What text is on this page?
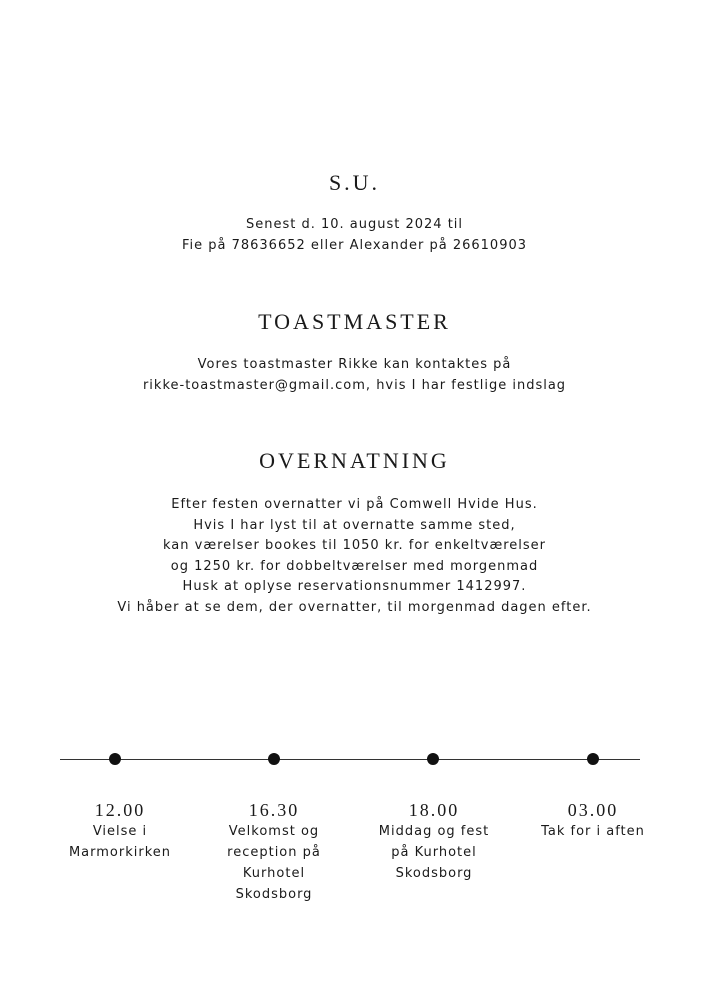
S.U.

Senest d. 10. august 2024 til
Fie på 78636652 eller Alexander på 26610903

TOASTMASTER

Vores toastmaster Rikke kan kontaktes på
rikke-toastmaster@gmail.com, hvis I har festlige indslag

OVERNATNING

Efter festen overnatter vi på Comwell Hvide Hus.
Hvis I har lyst til at overnatte samme sted,
kan værelser bookes til 1050 kr. for enkeltværelser
og 1250 kr. for dobbeltværelser med morgenmad
Husk at oplyse reservationsnummer 1412997.
Vi håber at se dem, der overnatter, til morgenmad dagen efter.

12.00
Vielse i
Marmorkirken
16.30
Velkomst og
reception på
Kurhotel
Skodsborg
18.00
Middag og fest
på Kurhotel
Skodsborg
03.00
Tak for i aften
